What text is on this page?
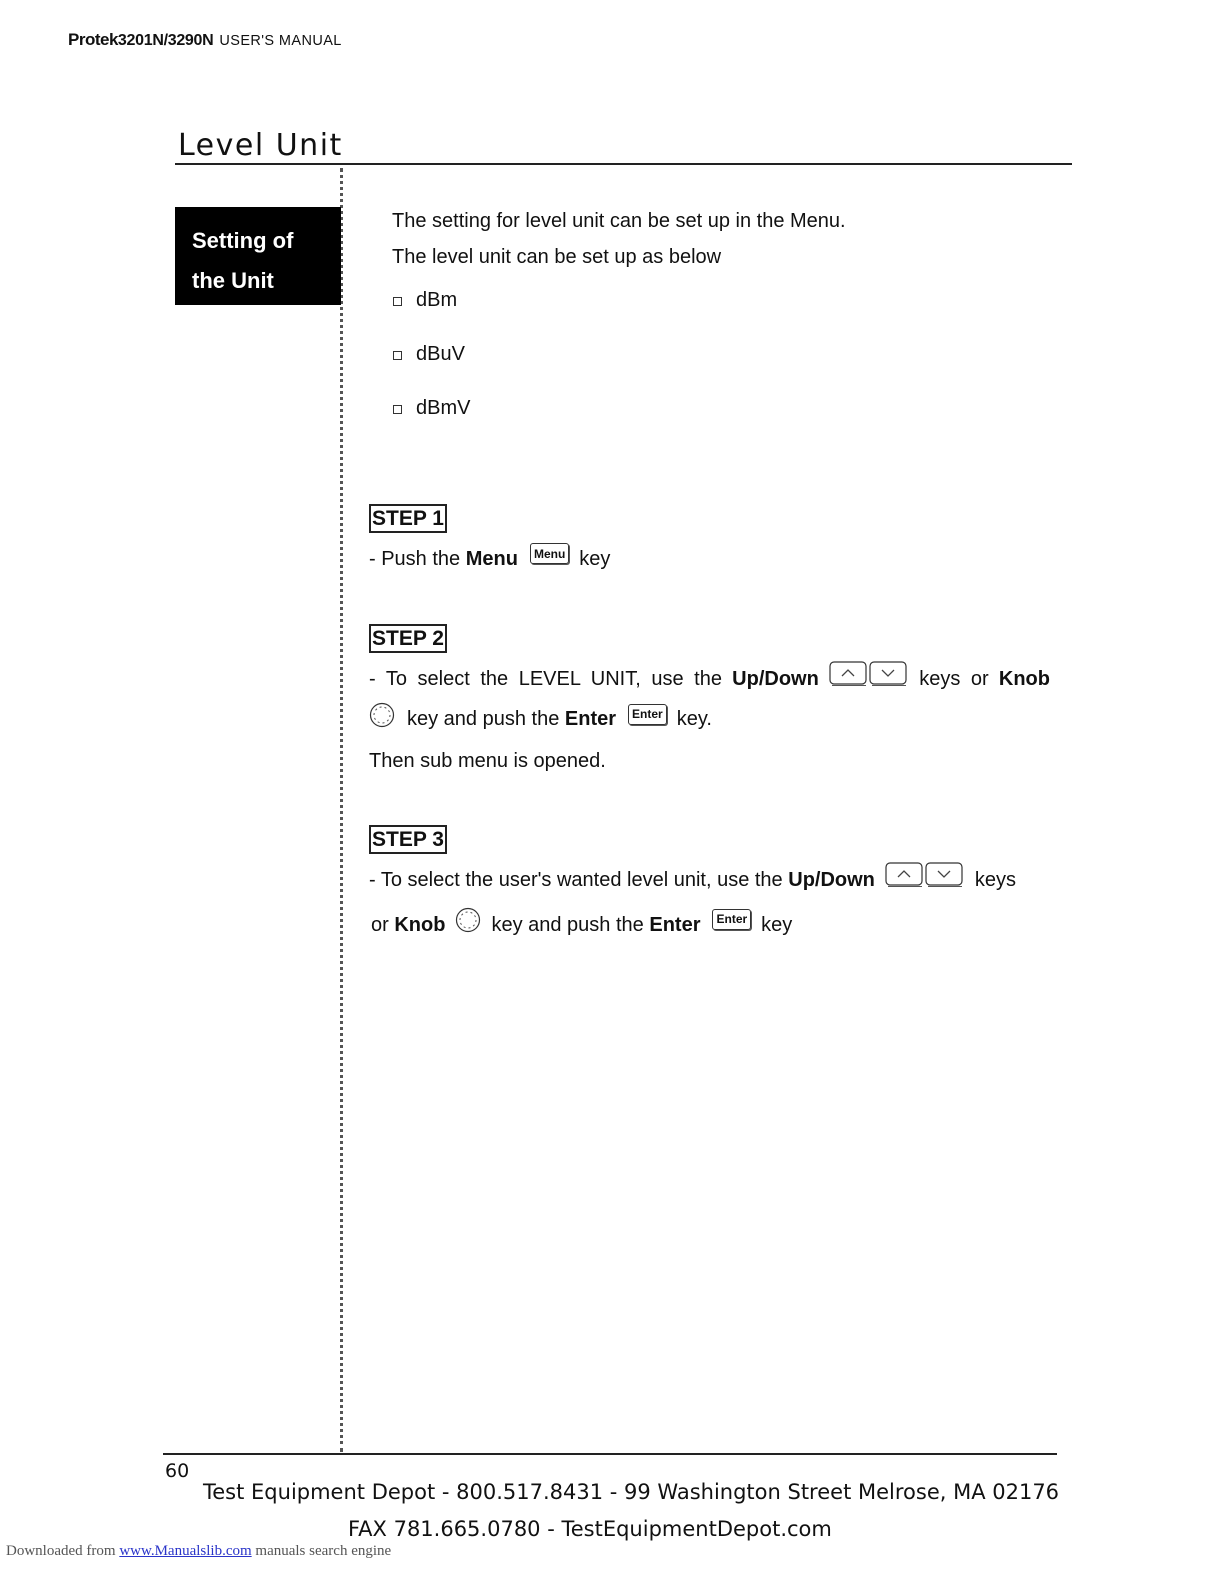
Protek3201N/3290N USER'S MANUAL
Level Unit
Setting of
the Unit
The setting for level unit can be set up in the Menu.
The level unit can be set up as below
dBm
dBuV
dBmV
STEP 1
- Push the
Menu	Menu key
STEP 2
- To select the LEVEL UNIT, use the Up/Down	keys or Knob
key and push the
Enter	Enter key.
Then sub menu is opened.
STEP 3
- To select the user's wanted level unit, use the
Up/Down	keys
or
Knob key and push the
Enter	Enter key
60
Test Equipment Depot - 800.517.8431 - 99 Washington Street Melrose, MA 02176
FAX 781.665.0780 - TestEquipmentDepot.com
Downloaded from www.Manualslib.com manuals search engine
